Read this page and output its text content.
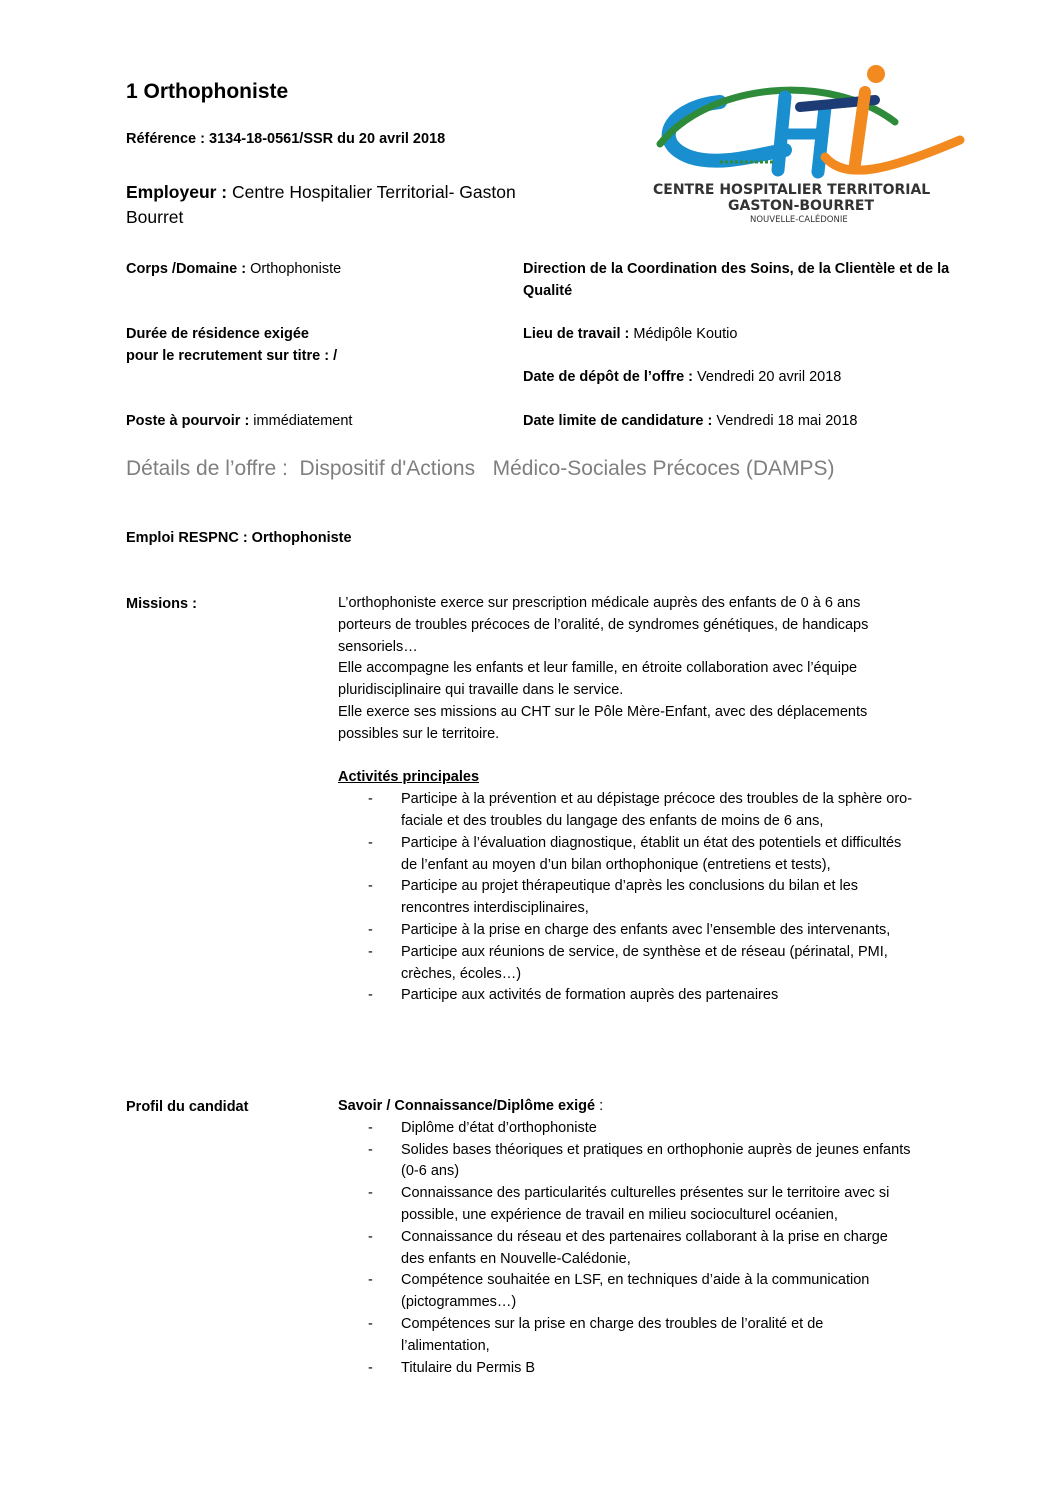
1 Orthophoniste
Référence : 3134-18-0561/SSR du 20 avril 2018
Employeur : Centre Hospitalier Territorial- Gaston Bourret
CENTRE HOSPITALIER TERRITORIAL
GASTON-BOURRET
NOUVELLE-CALÉDONIE
Corps /Domaine : Orthophoniste	Direction de la Coordination des Soins, de la Clientèle et de la Qualité
Durée de résidence exigée
pour le recrutement sur titre : /
Lieu de travail : Médipôle Koutio
Date de dépôt de l’offre : Vendredi 20 avril 2018
Poste à pourvoir : immédiatement	Date limite de candidature : Vendredi 18 mai 2018
Détails de l’offre :  Dispositif d'Actions   Médico-Sociales Précoces (DAMPS)
Emploi RESPNC : Orthophoniste
Missions :	L’orthophoniste exerce sur prescription médicale auprès des enfants de 0 à 6 ans porteurs de troubles précoces de l’oralité, de syndromes génétiques, de handicaps sensoriels…
Elle accompagne les enfants et leur famille, en étroite collaboration avec l’équipe pluridisciplinaire qui travaille dans le service.
Elle exerce ses missions au CHT sur le Pôle Mère-Enfant, avec des déplacements possibles sur le territoire.
Activités principales
- Participe à la prévention et au dépistage précoce des troubles de la sphère oro-faciale et des troubles du langage des enfants de moins de 6 ans,
- Participe à l’évaluation diagnostique, établit un état des potentiels et difficultés de l’enfant au moyen d’un bilan orthophonique (entretiens et tests),
- Participe au projet thérapeutique d’après les conclusions du bilan et les rencontres interdisciplinaires,
- Participe à la prise en charge des enfants avec l’ensemble des intervenants,
- Participe aux réunions de service, de synthèse et de réseau (périnatal, PMI, crèches, écoles…)
- Participe aux activités de formation auprès des partenaires
Profil du candidat	Savoir / Connaissance/Diplôme exigé :
- Diplôme d’état d’orthophoniste
- Solides bases théoriques et pratiques en orthophonie auprès de jeunes enfants (0-6 ans)
- Connaissance des particularités culturelles présentes sur le territoire avec si possible, une expérience de travail en milieu socioculturel océanien,
- Connaissance du réseau et des partenaires collaborant à la prise en charge des enfants en Nouvelle-Calédonie,
- Compétence souhaitée en LSF, en techniques d’aide à la communication (pictogrammes…)
- Compétences sur la prise en charge des troubles de l’oralité et de l’alimentation,
- Titulaire du Permis B
